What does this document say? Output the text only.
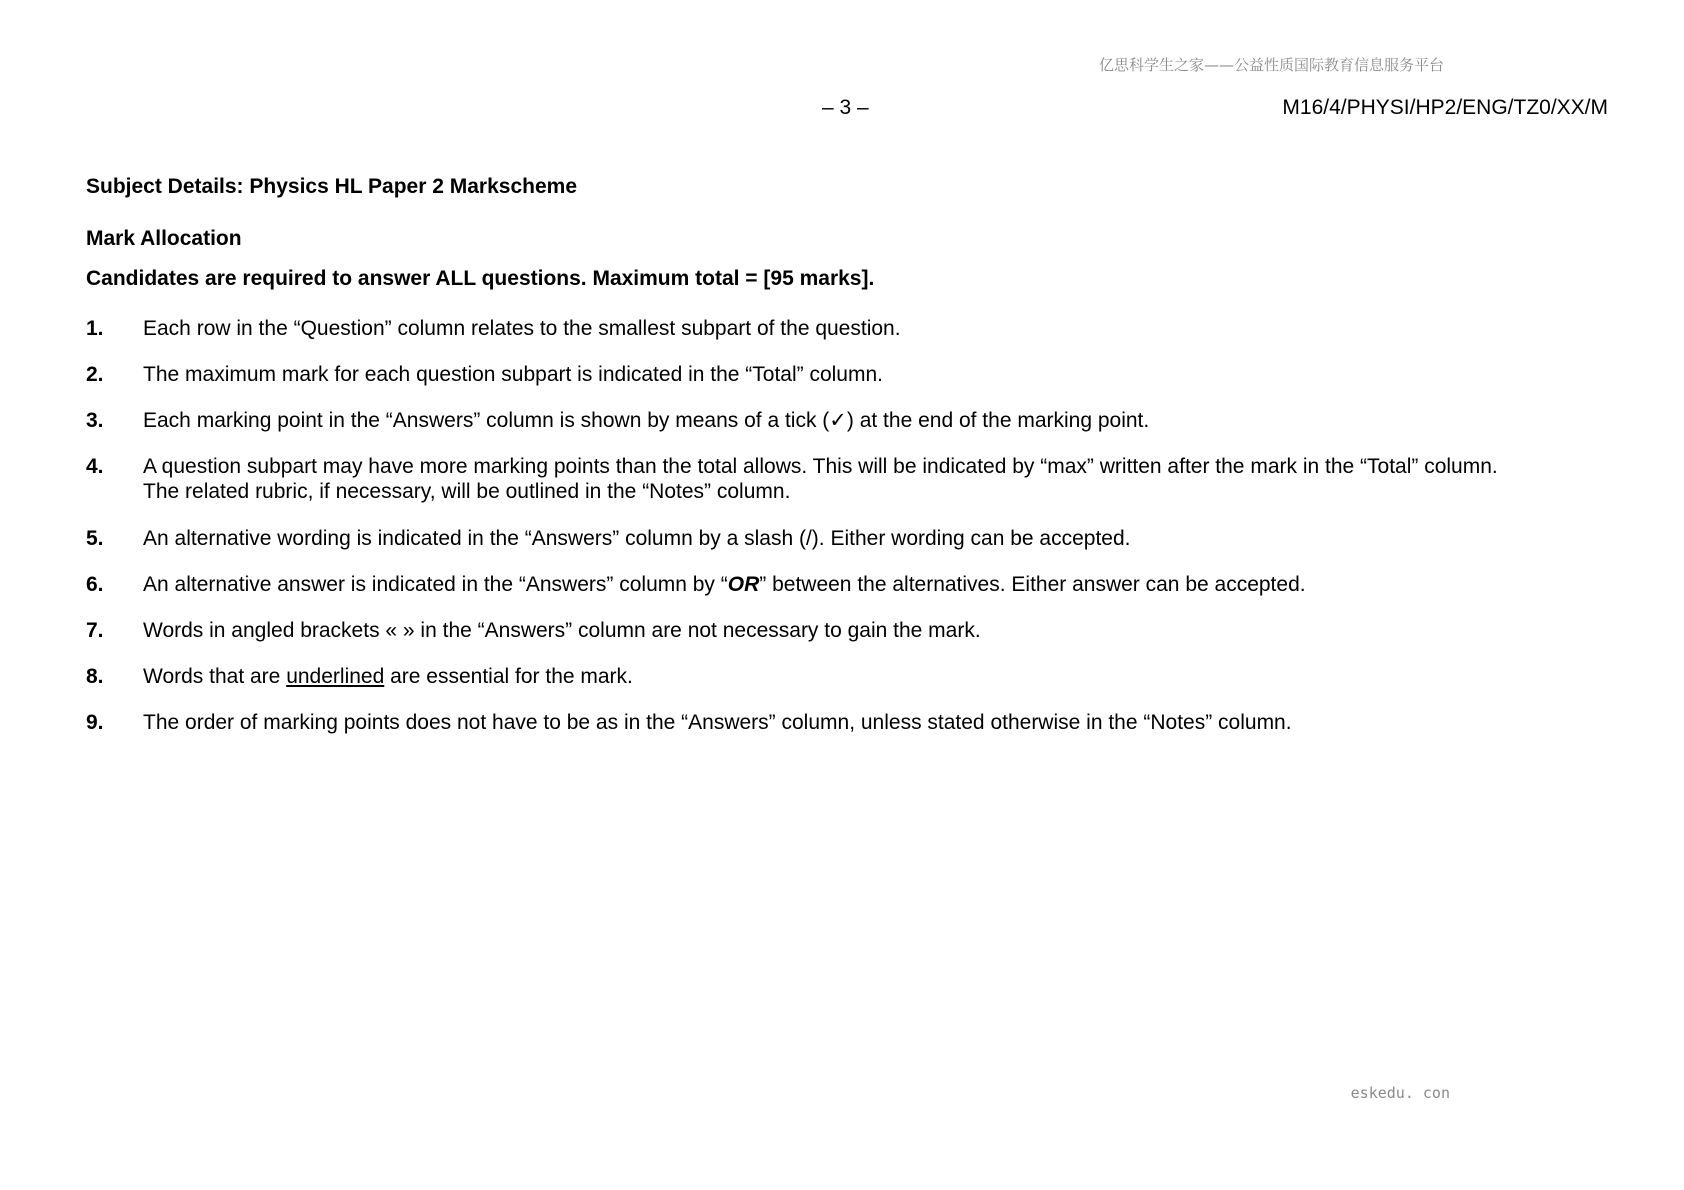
亿思科学生之家——公益性质国际教育信息服务平台
– 3 –	M16/4/PHYSI/HP2/ENG/TZ0/XX/M
Subject Details: Physics HL Paper 2 Markscheme
Mark Allocation
Candidates are required to answer ALL questions. Maximum total = [95 marks].
1. Each row in the “Question” column relates to the smallest subpart of the question.
2. The maximum mark for each question subpart is indicated in the “Total” column.
3. Each marking point in the “Answers” column is shown by means of a tick (✓) at the end of the marking point.
4. A question subpart may have more marking points than the total allows. This will be indicated by “max” written after the mark in the “Total” column.
The related rubric, if necessary, will be outlined in the “Notes” column.
5. An alternative wording is indicated in the “Answers” column by a slash (/). Either wording can be accepted.
6. An alternative answer is indicated in the “Answers” column by “OR” between the alternatives. Either answer can be accepted.
7. Words in angled brackets « » in the “Answers” column are not necessary to gain the mark.
8. Words that are underlined are essential for the mark.
9. The order of marking points does not have to be as in the “Answers” column, unless stated otherwise in the “Notes” column.
eskedu. con
